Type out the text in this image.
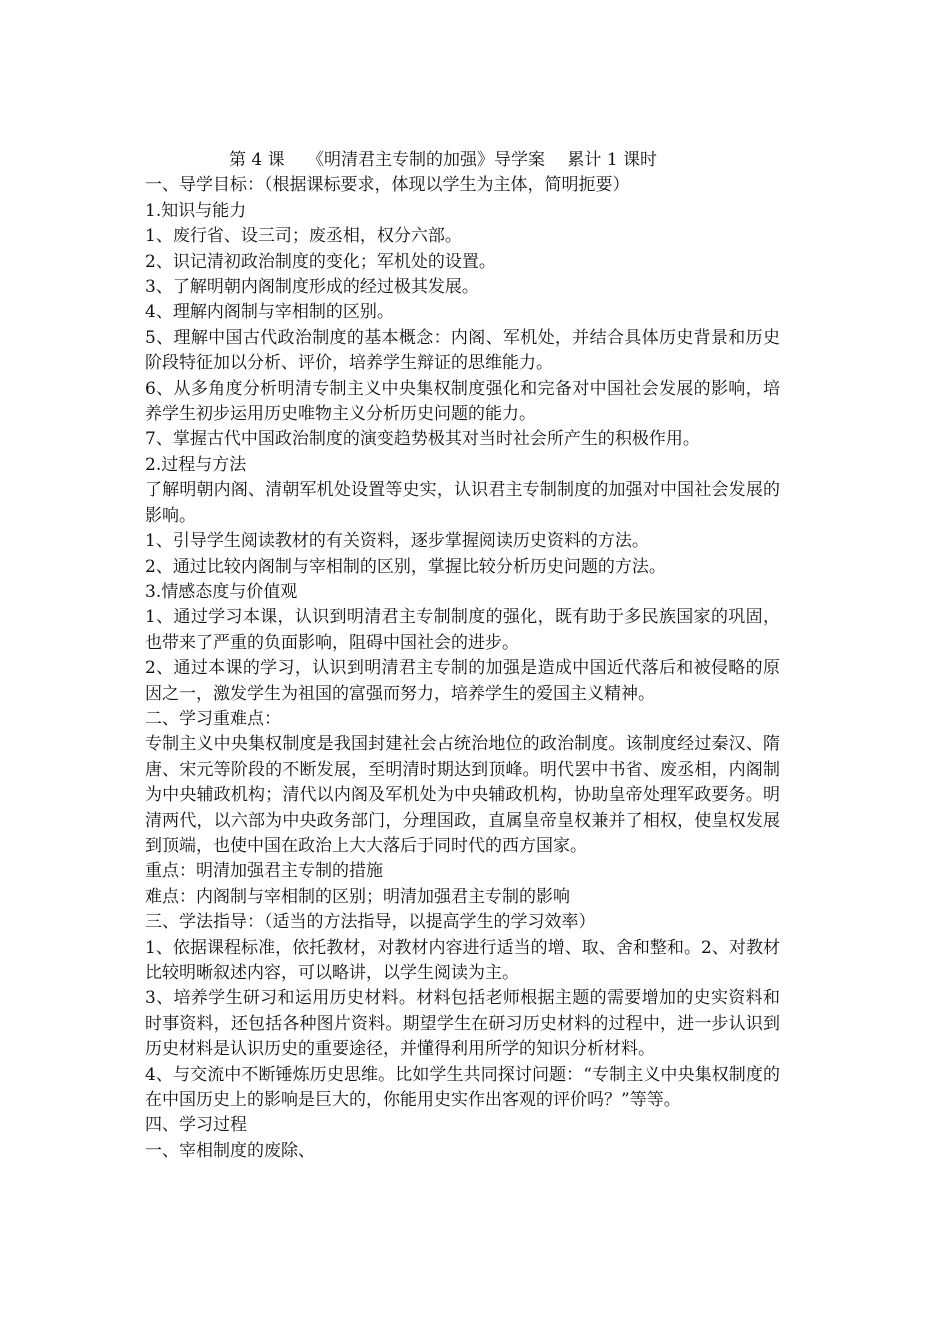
第 4 课　 《明清君主专制的加强》导学案　 累计 1 课时

一、导学目标：（根据课标要求，体现以学生为主体，简明扼要）

1.知识与能力

1、废行省、设三司；废丞相，权分六部。

2、识记清初政治制度的变化；军机处的设置。

3、了解明朝内阁制度形成的经过极其发展。

4、理解内阁制与宰相制的区别。

5、理解中国古代政治制度的基本概念：内阁、军机处，并结合具体历史背景和历史阶段特征加以分析、评价，培养学生辩证的思维能力。

6、从多角度分析明清专制主义中央集权制度强化和完备对中国社会发展的影响，培养学生初步运用历史唯物主义分析历史问题的能力。

7、掌握古代中国政治制度的演变趋势极其对当时社会所产生的积极作用。

2.过程与方法

了解明朝内阁、清朝军机处设置等史实，认识君主专制制度的加强对中国社会发展的影响。

1、引导学生阅读教材的有关资料，逐步掌握阅读历史资料的方法。

2、通过比较内阁制与宰相制的区别，掌握比较分析历史问题的方法。

3.情感态度与价值观

1、通过学习本课，认识到明清君主专制制度的强化，既有助于多民族国家的巩固，也带来了严重的负面影响，阻碍中国社会的进步。

2、通过本课的学习，认识到明清君主专制的加强是造成中国近代落后和被侵略的原因之一，激发学生为祖国的富强而努力，培养学生的爱国主义精神。

二、学习重难点：

专制主义中央集权制度是我国封建社会占统治地位的政治制度。该制度经过秦汉、隋唐、宋元等阶段的不断发展，至明清时期达到顶峰。明代罢中书省、废丞相，内阁制为中央辅政机构；清代以内阁及军机处为中央辅政机构，协助皇帝处理军政要务。明清两代，以六部为中央政务部门，分理国政，直属皇帝皇权兼并了相权，使皇权发展到顶端，也使中国在政治上大大落后于同时代的西方国家。

重点：明清加强君主专制的措施

难点：内阁制与宰相制的区别；明清加强君主专制的影响

三、学法指导：（适当的方法指导，以提高学生的学习效率）

1、依据课程标准，依托教材，对教材内容进行适当的增、取、舍和整和。2、对教材比较明晰叙述内容，可以略讲，以学生阅读为主。

3、培养学生研习和运用历史材料。材料包括老师根据主题的需要增加的史实资料和时事资料，还包括各种图片资料。期望学生在研习历史材料的过程中，进一步认识到历史材料是认识历史的重要途径，并懂得利用所学的知识分析材料。

4、与交流中不断锤炼历史思维。比如学生共同探讨问题：“专制主义中央集权制度的在中国历史上的影响是巨大的，你能用史实作出客观的评价吗？”等等。

四、学习过程

一、宰相制度的废除、
